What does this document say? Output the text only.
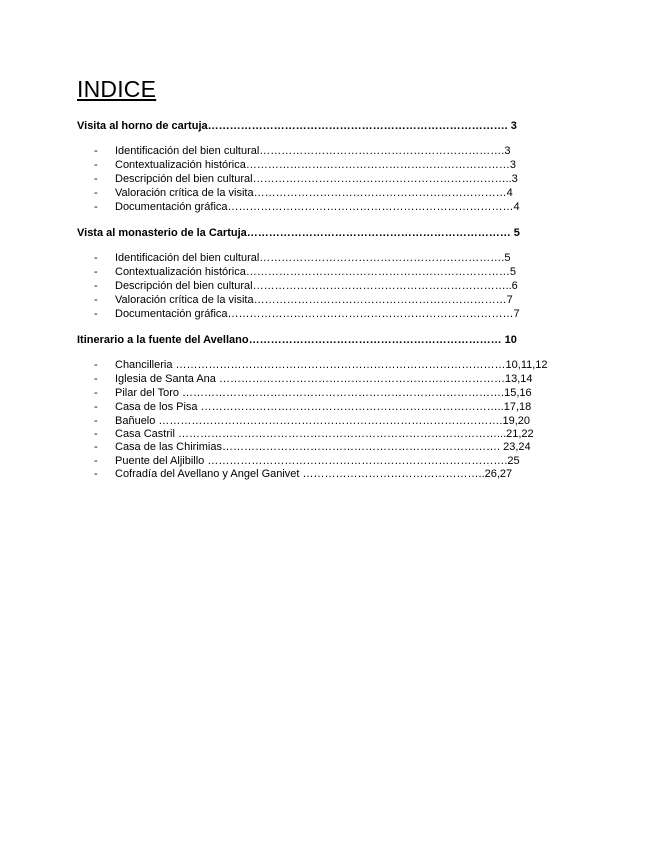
INDICE
Visita al horno de cartuja………………………………………………………………………. 3
- Identificación del bien cultural………………………………………………………….3
- Contextualización histórica………………………………………………………………3
- Descripción del bien cultural……………………………………………………………..3
- Valoración crítica de la visita……………………………………………………………4
- Documentación gráfica……………………………………………………………………4
Vista al monasterio de la Cartuja……………………………………………………………… 5
- Identificación del bien cultural………………………………………………………….5
- Contextualización histórica………………………………………………………………5
- Descripción del bien cultural……………………………………………………………..6
- Valoración crítica de la visita……………………………………………………………7
- Documentación gráfica……………………………………………………………………7
Itinerario a la fuente del Avellano…………………………………………………………… 10
- Chancilleria ………………………………………………………………………………10,11,12
- Iglesia de Santa Ana ……………………………………………………………………13,14
- Pilar del Toro …………………………………………………………………………….15,16
- Casa de los Pisa ………………………………………………………………………..17,18
- Bañuelo ………………………………………………………………………………….19,20
- Casa Castril ……………………………………………………………………………...21,22
- Casa de las Chirimias…………………………………………………………………. 23,24
- Puente del Aljibillo ……………………………………………………………………….25
- Cofradía del Avellano y Angel Ganivet …………………………………………..26,27
